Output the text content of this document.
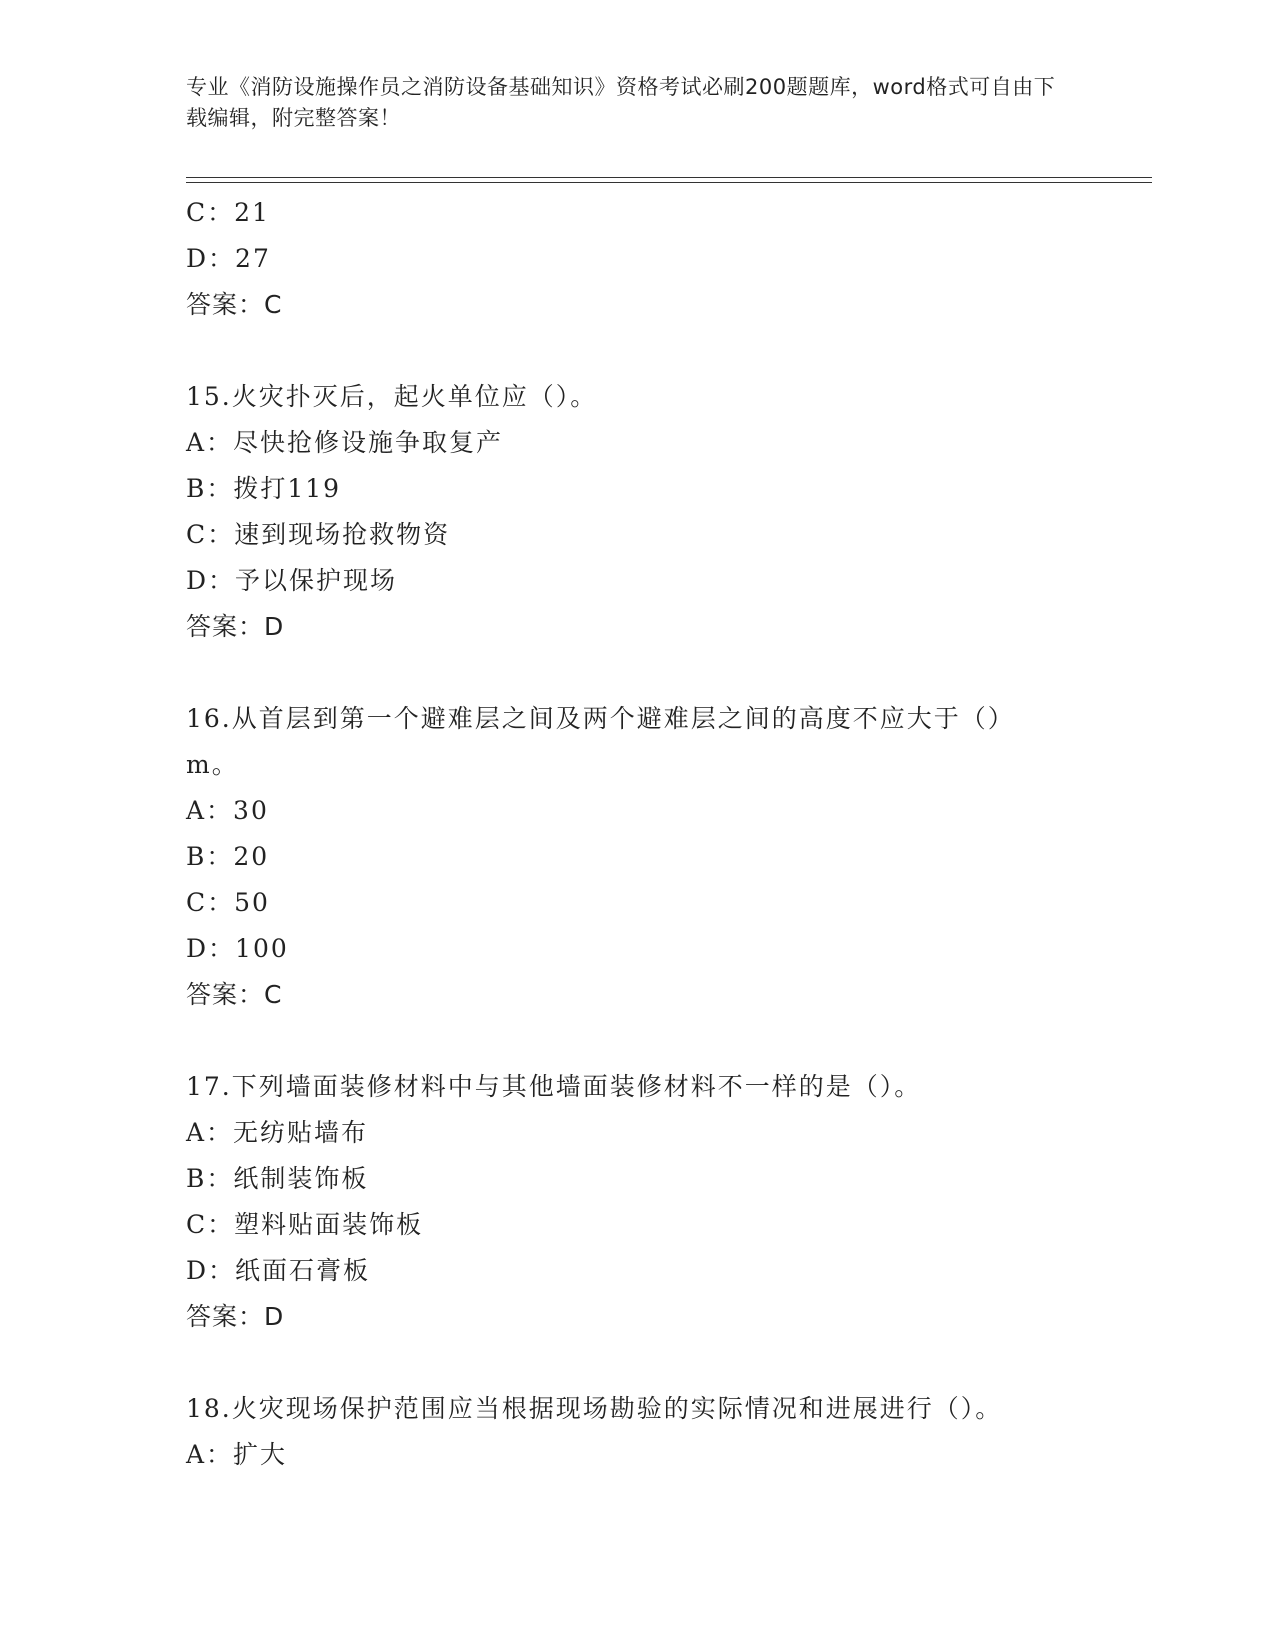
专业《消防设施操作员之消防设备基础知识》资格考试必刷200题题库，word格式可自由下载编辑，附完整答案！
C：21
D：27
答案：C
15.火灾扑灭后，起火单位应（）。
A：尽快抢修设施争取复产
B：拨打119
C：速到现场抢救物资
D：予以保护现场
答案：D
16.从首层到第一个避难层之间及两个避难层之间的高度不应大于（）m。
A：30
B：20
C：50
D：100
答案：C
17.下列墙面装修材料中与其他墙面装修材料不一样的是（）。
A：无纺贴墙布
B：纸制装饰板
C：塑料贴面装饰板
D：纸面石膏板
答案：D
18.火灾现场保护范围应当根据现场勘验的实际情况和进展进行（）。
A：扩大
